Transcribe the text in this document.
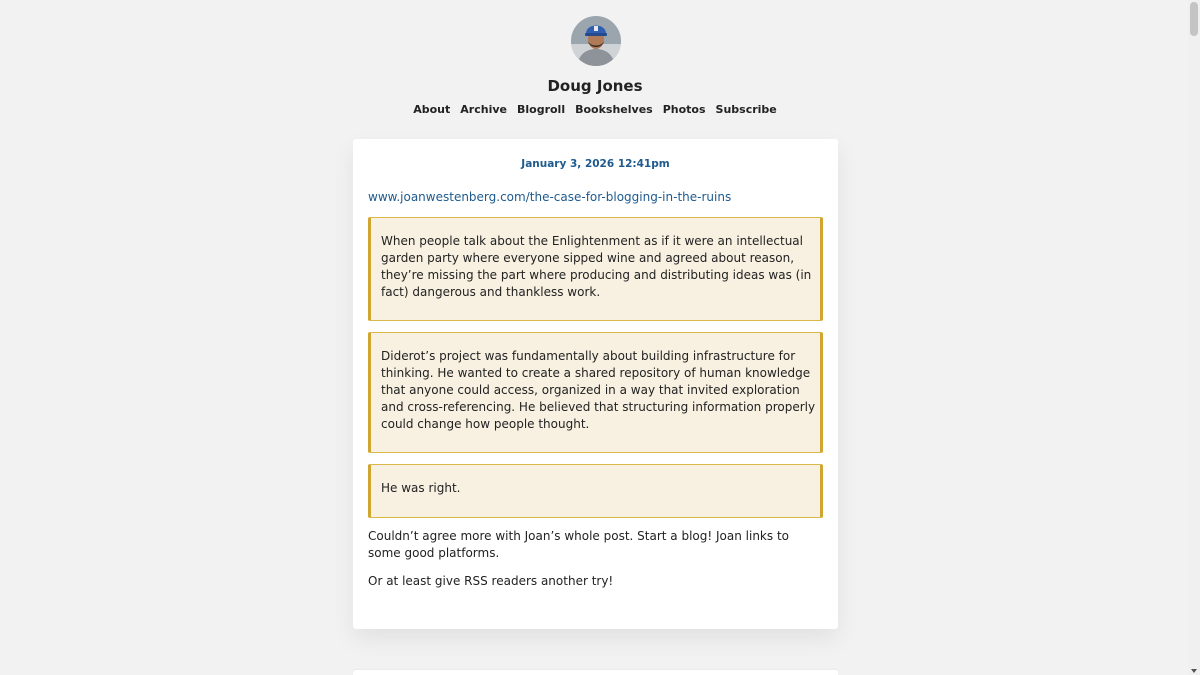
Doug Jones
About Archive Blogroll Bookshelves Photos Subscribe
January 3, 2026 12:41pm
www.joanwestenberg.com/the-case-for-blogging-in-the-ruins

When people talk about the Enlightenment as if it were an intellectual garden party where everyone sipped wine and agreed about reason, they’re missing the part where producing and distributing ideas was (in fact) dangerous and thankless work.

Diderot’s project was fundamentally about building infrastructure for thinking. He wanted to create a shared repository of human knowledge that anyone could access, organized in a way that invited exploration and cross-referencing. He believed that structuring information properly could change how people thought.

He was right.

Couldn’t agree more with Joan’s whole post. Start a blog! Joan links to some good platforms.

Or at least give RSS readers another try!
